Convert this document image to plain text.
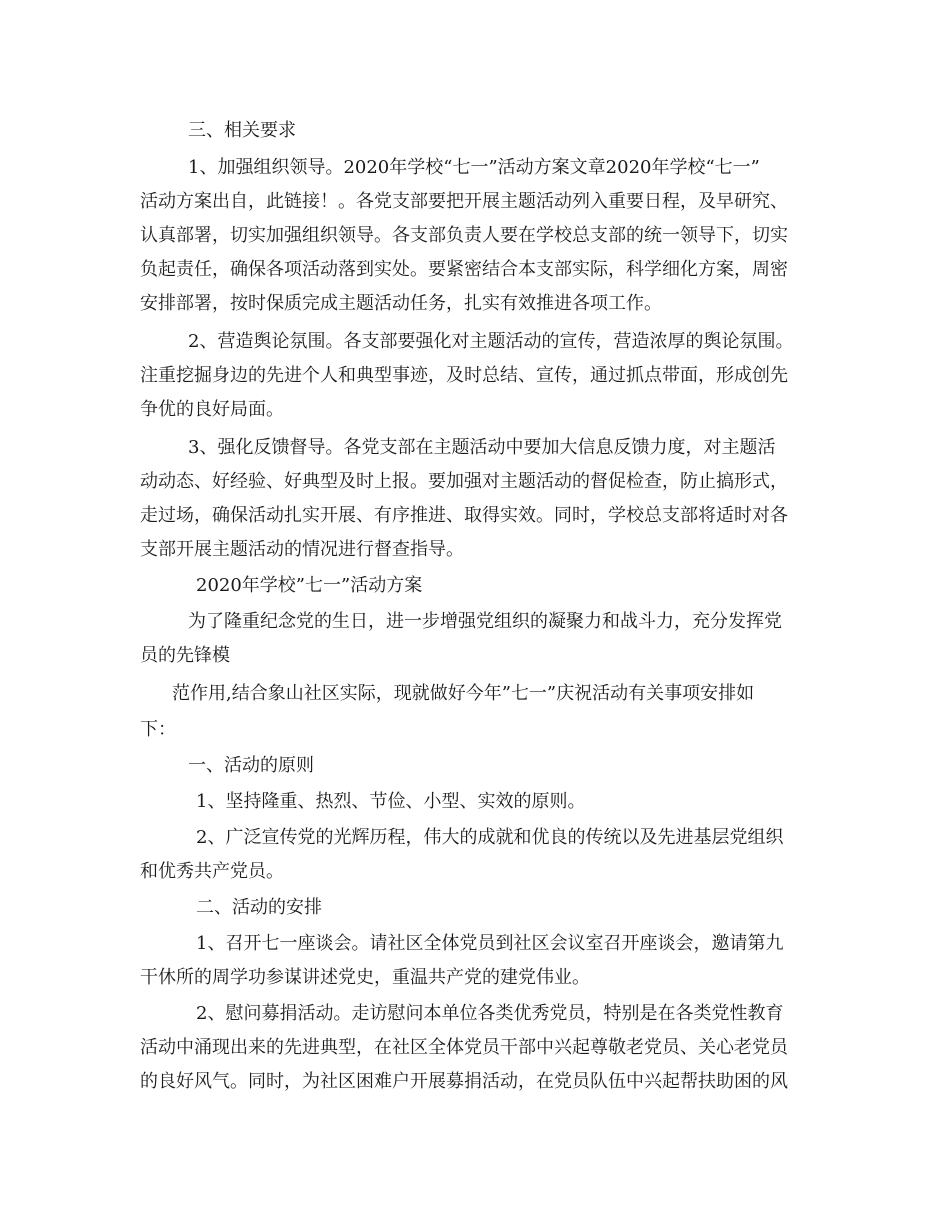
三、相关要求
1、加强组织领导。2020年学校“七一”活动方案文章2020年学校“七一”
活动方案出自，此链接！。各党支部要把开展主题活动列入重要日程，及早研究、
认真部署，切实加强组织领导。各支部负责人要在学校总支部的统一领导下，切实
负起责任，确保各项活动落到实处。要紧密结合本支部实际，科学细化方案，周密
安排部署，按时保质完成主题活动任务，扎实有效推进各项工作。
2、营造舆论氛围。各支部要强化对主题活动的宣传，营造浓厚的舆论氛围。
注重挖掘身边的先进个人和典型事迹，及时总结、宣传，通过抓点带面，形成创先
争优的良好局面。
3、强化反馈督导。各党支部在主题活动中要加大信息反馈力度，对主题活
动动态、好经验、好典型及时上报。要加强对主题活动的督促检查，防止搞形式，
走过场，确保活动扎实开展、有序推进、取得实效。同时，学校总支部将适时对各
支部开展主题活动的情况进行督查指导。
2020年学校”七一”活动方案
为了隆重纪念党的生日，进一步增强党组织的凝聚力和战斗力，充分发挥党
员的先锋模
范作用,结合象山社区实际，现就做好今年”七一”庆祝活动有关事项安排如
下：
一、活动的原则
1、坚持隆重、热烈、节俭、小型、实效的原则。
2、广泛宣传党的光辉历程，伟大的成就和优良的传统以及先进基层党组织
和优秀共产党员。
二、活动的安排
1、召开七一座谈会。请社区全体党员到社区会议室召开座谈会，邀请第九
干休所的周学功参谋讲述党史，重温共产党的建党伟业。
2、慰问募捐活动。走访慰问本单位各类优秀党员，特别是在各类党性教育
活动中涌现出来的先进典型，在社区全体党员干部中兴起尊敬老党员、关心老党员
的良好风气。同时，为社区困难户开展募捐活动，在党员队伍中兴起帮扶助困的风
